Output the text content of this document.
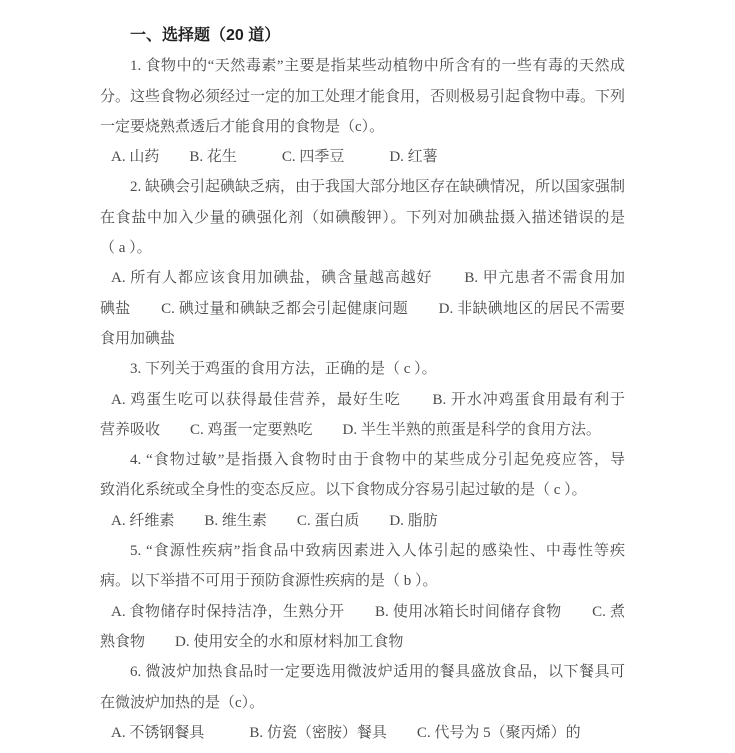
一、选择题（20 道）
1. 食物中的“天然毒素”主要是指某些动植物中所含有的一些有毒的天然成
分。这些食物必须经过一定的加工处理才能食用，否则极易引起食物中毒。下列
一定要烧熟煮透后才能食用的食物是（c）。
A. 山药　　B. 花生　　　C. 四季豆　　　D. 红薯
2. 缺碘会引起碘缺乏病，由于我国大部分地区存在缺碘情况，所以国家强制
在食盐中加入少量的碘强化剂（如碘酸钾）。下列对加碘盐摄入描述错误的是
（ a ）。
A. 所有人都应该食用加碘盐，碘含量越高越好　　B. 甲亢患者不需食用加
碘盐　　C. 碘过量和碘缺乏都会引起健康问题　　D. 非缺碘地区的居民不需要
食用加碘盐
3. 下列关于鸡蛋的食用方法，正确的是（ c ）。
A. 鸡蛋生吃可以获得最佳营养，最好生吃　　B. 开水冲鸡蛋食用最有利于
营养吸收　　C. 鸡蛋一定要熟吃　　D. 半生半熟的煎蛋是科学的食用方法。
4. “食物过敏”是指摄入食物时由于食物中的某些成分引起免疫应答，导
致消化系统或全身性的变态反应。以下食物成分容易引起过敏的是（ c ）。
A. 纤维素　　B. 维生素　　C. 蛋白质　　D. 脂肪
5. “食源性疾病”指食品中致病因素进入人体引起的感染性、中毒性等疾
病。以下举措不可用于预防食源性疾病的是（ b ）。
A. 食物储存时保持洁净，生熟分开　　B. 使用冰箱长时间储存食物　　C. 煮
熟食物　　D. 使用安全的水和原材料加工食物
6. 微波炉加热食品时一定要选用微波炉适用的餐具盛放食品，以下餐具可
在微波炉加热的是（c）。
A. 不锈钢餐具　　　B. 仿瓷（密胺）餐具　　C. 代号为 5（聚丙烯）的
